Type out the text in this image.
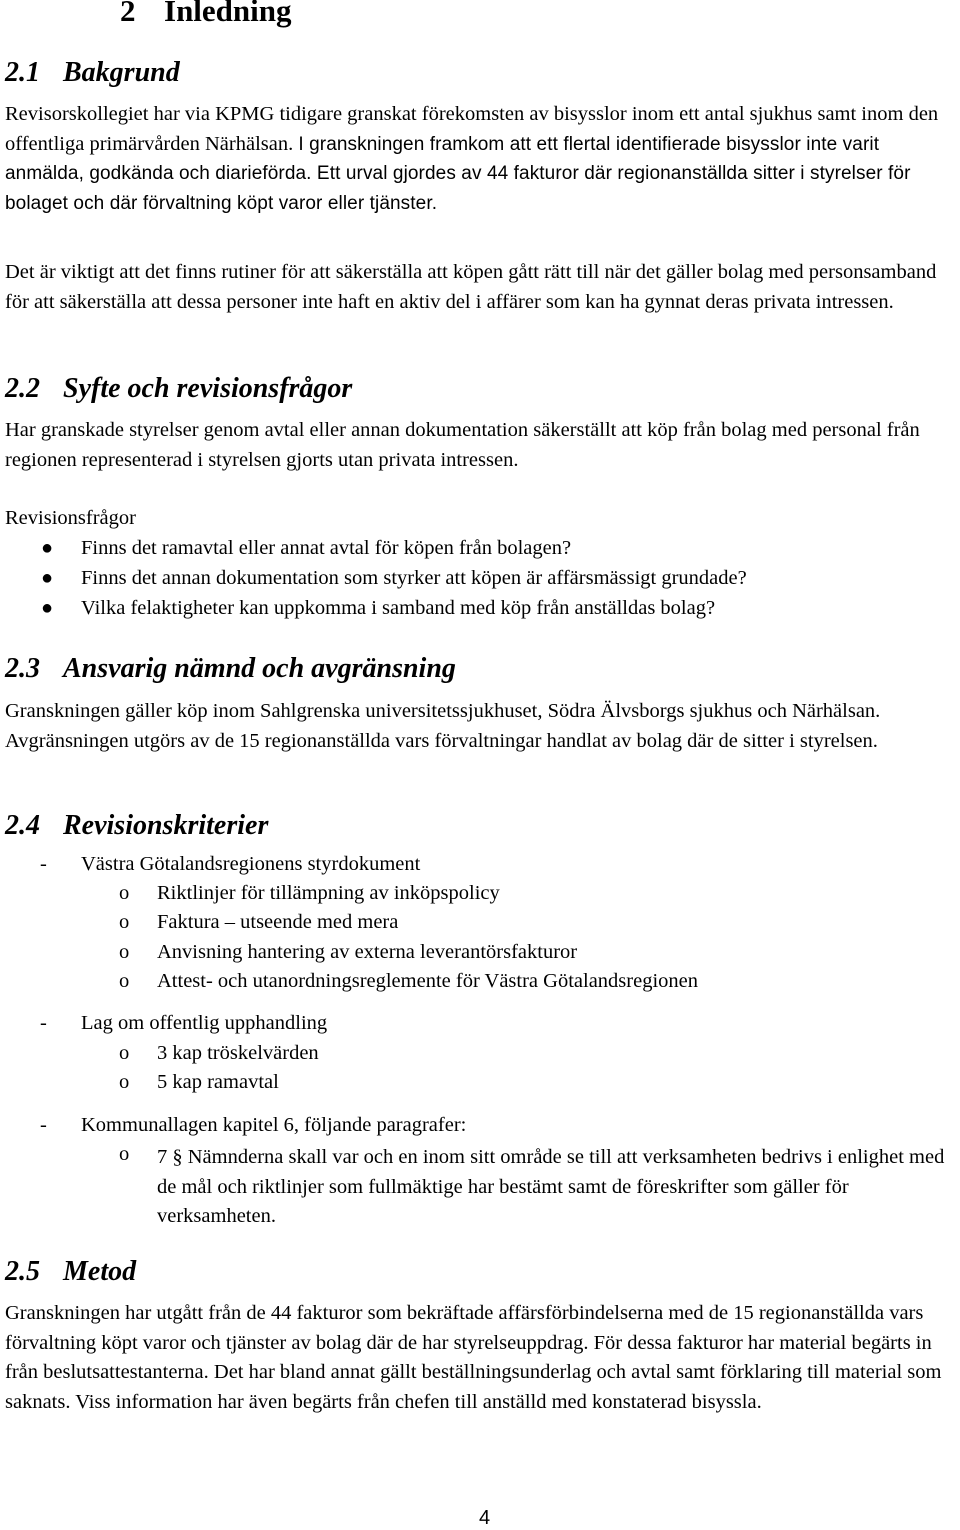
2 Inledning
2.1 Bakgrund

Revisorskollegiet har via KPMG tidigare granskat förekomsten av bisysslor inom ett antal sjukhus samt inom den offentliga primärvården Närhälsan. I granskningen framkom att ett flertal identifierade bisysslor inte varit anmälda, godkända och diarieförda. Ett urval gjordes av 44 fakturor där regionanställda sitter i styrelser för bolaget och där förvaltning köpt varor eller tjänster.

Det är viktigt att det finns rutiner för att säkerställa att köpen gått rätt till när det gäller bolag med personsamband för att säkerställa att dessa personer inte haft en aktiv del i affärer som kan ha gynnat deras privata intressen.

2.2 Syfte och revisionsfrågor

Har granskade styrelser genom avtal eller annan dokumentation säkerställt att köp från bolag med personal från regionen representerad i styrelsen gjorts utan privata intressen.

Revisionsfrågor
● Finns det ramavtal eller annat avtal för köpen från bolagen?
● Finns det annan dokumentation som styrker att köpen är affärsmässigt grundade?
● Vilka felaktigheter kan uppkomma i samband med köp från anställdas bolag?
2.3 Ansvarig nämnd och avgränsning

Granskningen gäller köp inom Sahlgrenska universitetssjukhuset, Södra Älvsborgs sjukhus och Närhälsan. Avgränsningen utgörs av de 15 regionanställda vars förvaltningar handlat av bolag där de sitter i styrelsen.

2.4 Revisionskriterier
- Västra Götalandsregionens styrdokument
o Riktlinjer för tillämpning av inköpspolicy
o Faktura – utseende med mera
o Anvisning hantering av externa leverantörsfakturor
o Attest- och utanordningsreglemente för Västra Götalandsregionen
- Lag om offentlig upphandling
o 3 kap tröskelvärden
o 5 kap ramavtal
- Kommunallagen kapitel 6, följande paragrafer:
o 7 § Nämnderna skall var och en inom sitt område se till att verksamheten bedrivs i enlighet med de mål och riktlinjer som fullmäktige har bestämt samt de föreskrifter som gäller för verksamheten.

2.5 Metod

Granskningen har utgått från de 44 fakturor som bekräftade affärsförbindelserna med de 15 regionanställda vars förvaltning köpt varor och tjänster av bolag där de har styrelseuppdrag. För dessa fakturor har material begärts in från beslutsattestanterna. Det har bland annat gällt beställningsunderlag och avtal samt förklaring till material som saknats. Viss information har även begärts från chefen till anställd med konstaterad bisyssla.

4
